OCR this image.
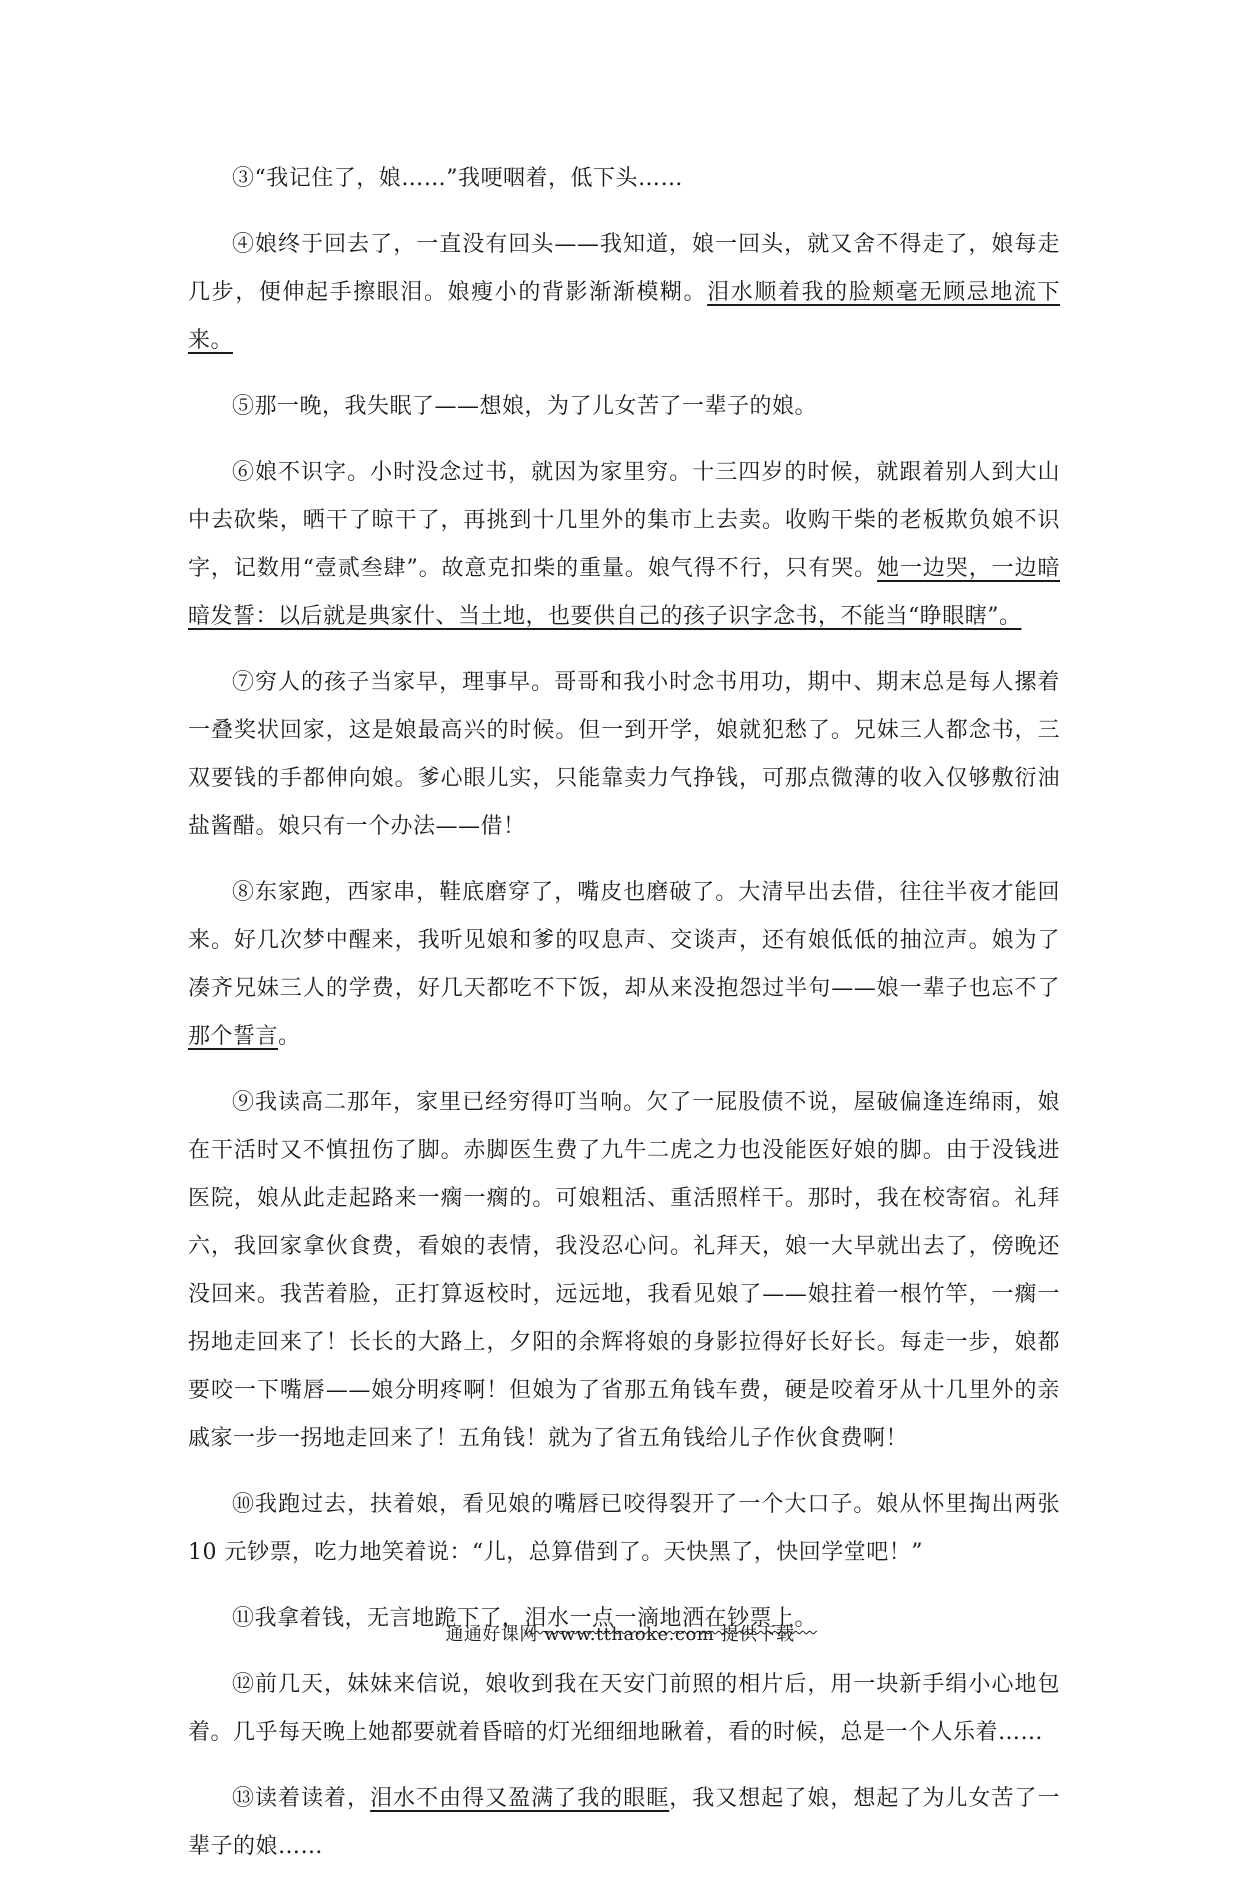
③“我记住了，娘……”我哽咽着，低下头……

④娘终于回去了，一直没有回头——我知道，娘一回头，就又舍不得走了，娘每走几步，便伸起手擦眼泪。娘瘦小的背影渐渐模糊。泪水顺着我的脸颊毫无顾忌地流下来。

⑤那一晚，我失眠了——想娘，为了儿女苦了一辈子的娘。

⑥娘不识字。小时没念过书，就因为家里穷。十三四岁的时候，就跟着别人到大山中去砍柴，晒干了晾干了，再挑到十几里外的集市上去卖。收购干柴的老板欺负娘不识字，记数用“壹贰叁肆”。故意克扣柴的重量。娘气得不行，只有哭。她一边哭，一边暗暗发誓：以后就是典家什、当土地，也要供自己的孩子识字念书，不能当“睁眼瞎”。

⑦穷人的孩子当家早，理事早。哥哥和我小时念书用功，期中、期末总是每人摞着一叠奖状回家，这是娘最高兴的时候。但一到开学，娘就犯愁了。兄妹三人都念书，三双要钱的手都伸向娘。爹心眼儿实，只能靠卖力气挣钱，可那点微薄的收入仅够敷衍油盐酱醋。娘只有一个办法——借！

⑧东家跑，西家串，鞋底磨穿了，嘴皮也磨破了。大清早出去借，往往半夜才能回来。好几次梦中醒来，我听见娘和爹的叹息声、交谈声，还有娘低低的抽泣声。娘为了凑齐兄妹三人的学费，好几天都吃不下饭，却从来没抱怨过半句——娘一辈子也忘不了那个誓言。

⑨我读高二那年，家里已经穷得叮当响。欠了一屁股债不说，屋破偏逢连绵雨，娘在干活时又不慎扭伤了脚。赤脚医生费了九牛二虎之力也没能医好娘的脚。由于没钱进医院，娘从此走起路来一瘸一瘸的。可娘粗活、重活照样干。那时，我在校寄宿。礼拜六，我回家拿伙食费，看娘的表情，我没忍心问。礼拜天，娘一大早就出去了，傍晚还没回来。我苦着脸，正打算返校时，远远地，我看见娘了——娘拄着一根竹竿，一瘸一拐地走回来了！长长的大路上，夕阳的余辉将娘的身影拉得好长好长。每走一步，娘都要咬一下嘴唇——娘分明疼啊！但娘为了省那五角钱车费，硬是咬着牙从十几里外的亲戚家一步一拐地走回来了！五角钱！就为了省五角钱给儿子作伙食费啊！

⑩我跑过去，扶着娘，看见娘的嘴唇已咬得裂开了一个大口子。娘从怀里掏出两张 10 元钞票，吃力地笑着说：“儿，总算借到了。天快黑了，快回学堂吧！”

⑪我拿着钱，无言地跪下了，泪水一点一滴地洒在钞票上。

⑫前几天，妹妹来信说，娘收到我在天安门前照的相片后，用一块新手绢小心地包着。几乎每天晚上她都要就着昏暗的灯光细细地瞅着，看的时候，总是一个人乐着……

⑬读着读着，泪水不由得又盈满了我的眼眶，我又想起了娘，想起了为儿女苦了一辈子的娘……

通通好课网 www.tthaoke.com 提供下载
